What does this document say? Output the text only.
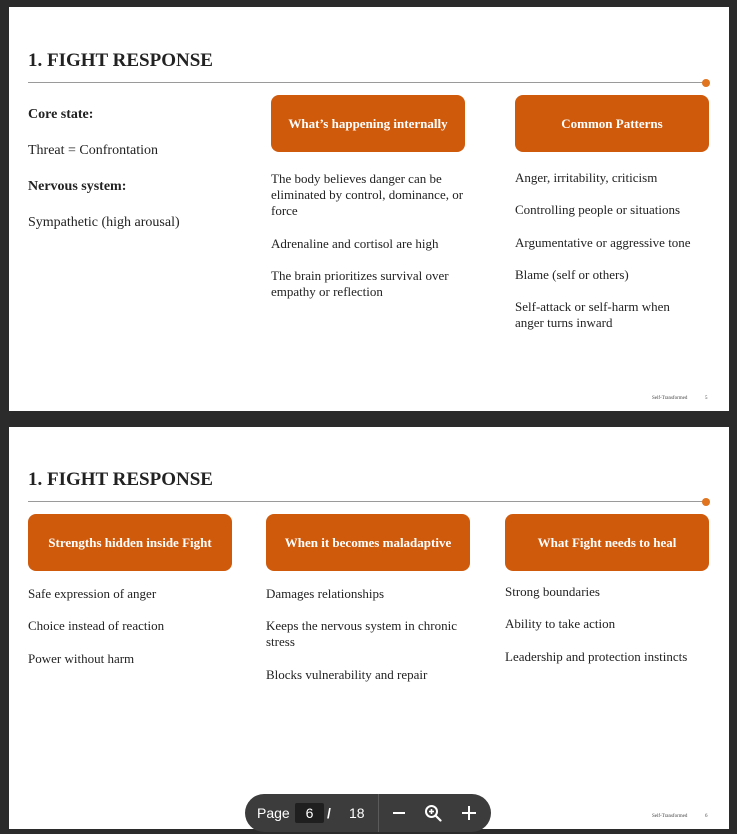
1. FIGHT RESPONSE
Core state:
Threat = Confrontation
Nervous system:
Sympathetic (high arousal)
What’s happening internally
The body believes danger can be eliminated by control, dominance, or force
Adrenaline and cortisol are high
The brain prioritizes survival over empathy or reflection
Common Patterns
Anger, irritability, criticism
Controlling people or situations
Argumentative or aggressive tone
Blame (self or others)
Self-attack or self-harm when anger turns inward
Self-Transformed	5
1. FIGHT RESPONSE
Strengths hidden inside Fight
Safe expression of anger
Choice instead of reaction
Power without harm
When it becomes maladaptive
Damages relationships
Keeps the nervous system in chronic stress
Blocks vulnerability and repair
What Fight needs to heal
Strong boundaries
Ability to take action
Leadership and protection instincts
Self-Transformed	6
Page	6 / 18
